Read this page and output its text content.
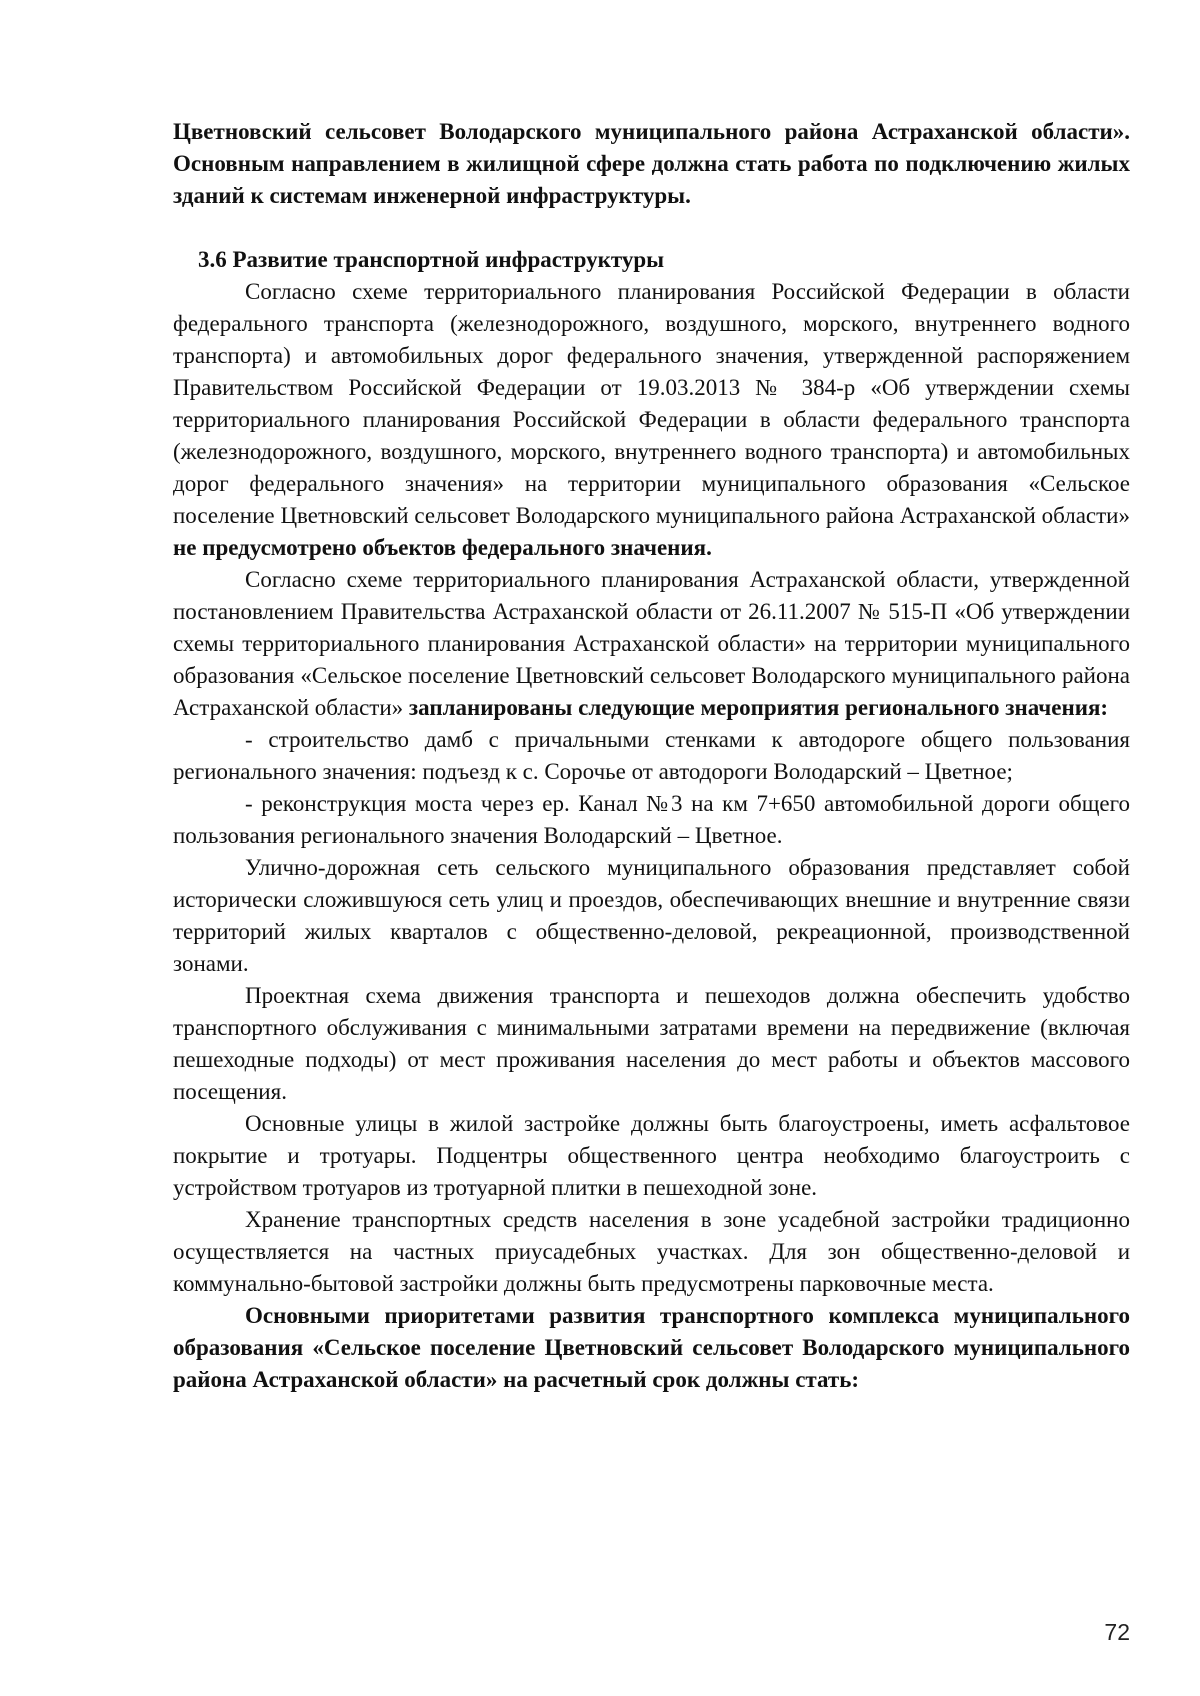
Цветновский сельсовет Володарского муниципального района Астраханской области». Основным направлением в жилищной сфере должна стать работа по подключению жилых зданий к системам инженерной инфраструктуры.

3.6 Развитие транспортной инфраструктуры

Согласно схеме территориального планирования Российской Федерации в области федерального транспорта (железнодорожного, воздушного, морского, внутреннего водного транспорта) и автомобильных дорог федерального значения, утвержденной распоряжением Правительством Российской Федерации от 19.03.2013 № 384-р «Об утверждении схемы территориального планирования Российской Федерации в области федерального транспорта (железнодорожного, воздушного, морского, внутреннего водного транспорта) и автомобильных дорог федерального значения» на территории муниципального образования «Сельское поселение Цветновский сельсовет Володарского муниципального района Астраханской области» не предусмотрено объектов федерального значения.

Согласно схеме территориального планирования Астраханской области, утвержденной постановлением Правительства Астраханской области от 26.11.2007 № 515-П «Об утверждении схемы территориального планирования Астраханской области» на территории муниципального образования «Сельское поселение Цветновский сельсовет Володарского муниципального района Астраханской области» запланированы следующие мероприятия регионального значения:

- строительство дамб с причальными стенками к автодороге общего пользования регионального значения: подъезд к с. Сорочье от автодороги Володарский – Цветное;

- реконструкция моста через ер. Канал №3 на км 7+650 автомобильной дороги общего пользования регионального значения Володарский – Цветное.

Улично-дорожная сеть сельского муниципального образования представляет собой исторически сложившуюся сеть улиц и проездов, обеспечивающих внешние и внутренние связи территорий жилых кварталов с общественно-деловой, рекреационной, производственной зонами.

Проектная схема движения транспорта и пешеходов должна обеспечить удобство транспортного обслуживания с минимальными затратами времени на передвижение (включая пешеходные подходы) от мест проживания населения до мест работы и объектов массового посещения.

Основные улицы в жилой застройке должны быть благоустроены, иметь асфальтовое покрытие и тротуары. Подцентры общественного центра необходимо благоустроить с устройством тротуаров из тротуарной плитки в пешеходной зоне.

Хранение транспортных средств населения в зоне усадебной застройки традиционно осуществляется на частных приусадебных участках. Для зон общественно-деловой и коммунально-бытовой застройки должны быть предусмотрены парковочные места.

Основными приоритетами развития транспортного комплекса муниципального образования «Сельское поселение Цветновский сельсовет Володарского муниципального района Астраханской области» на расчетный срок должны стать:

72
